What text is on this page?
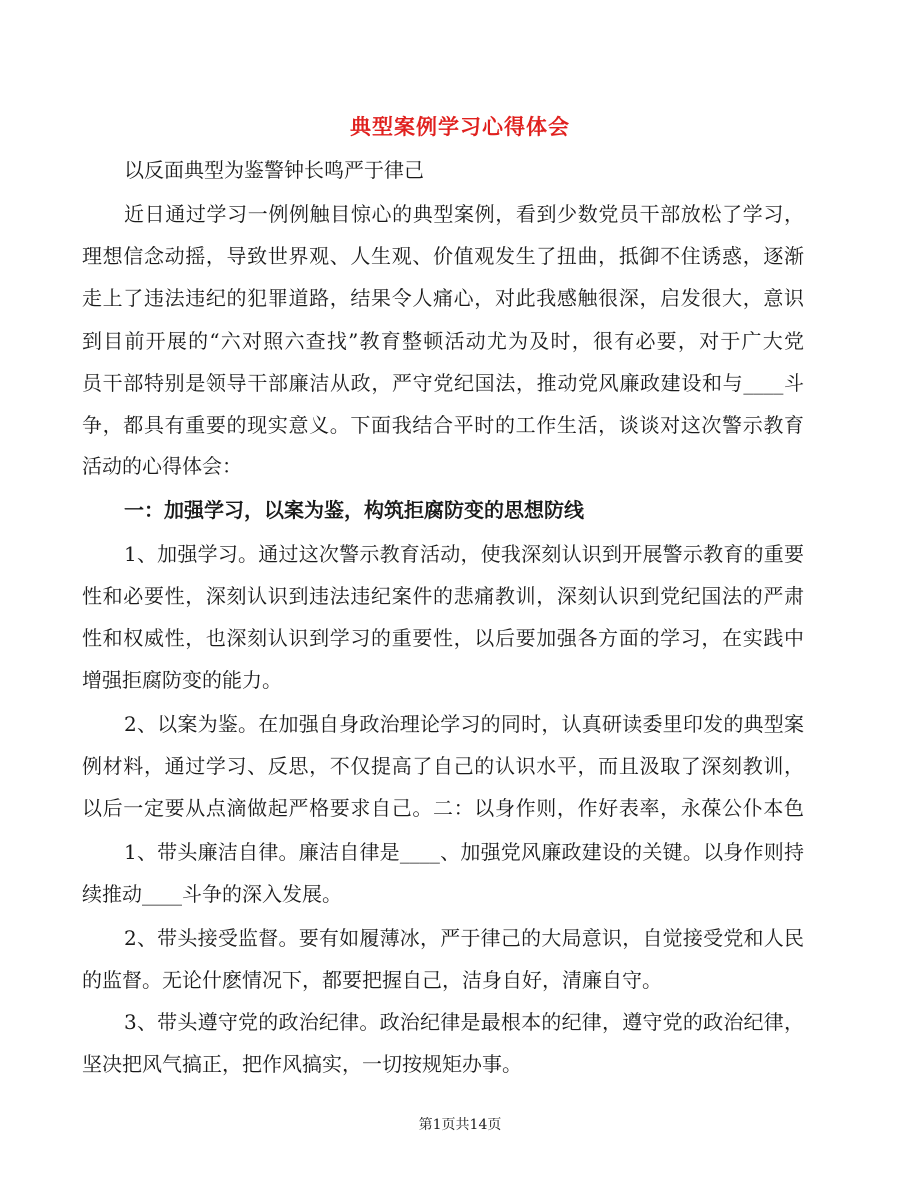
典型案例学习心得体会
以反面典型为鉴警钟长鸣严于律己
近日通过学习一例例触目惊心的典型案例，看到少数党员干部放松了学习，
理想信念动摇，导致世界观、人生观、价值观发生了扭曲，抵御不住诱惑，逐渐
走上了违法违纪的犯罪道路，结果令人痛心，对此我感触很深，启发很大，意识
到目前开展的“六对照六查找”教育整顿活动尤为及时，很有必要，对于广大党
员干部特别是领导干部廉洁从政，严守党纪国法，推动党风廉政建设和与____斗
争，都具有重要的现实意义。下面我结合平时的工作生活，谈谈对这次警示教育
活动的心得体会：
一：加强学习，以案为鉴，构筑拒腐防变的思想防线
1、加强学习。通过这次警示教育活动，使我深刻认识到开展警示教育的重要
性和必要性，深刻认识到违法违纪案件的悲痛教训，深刻认识到党纪国法的严肃
性和权威性，也深刻认识到学习的重要性，以后要加强各方面的学习，在实践中
增强拒腐防变的能力。
2、以案为鉴。在加强自身政治理论学习的同时，认真研读委里印发的典型案
例材料，通过学习、反思，不仅提高了自己的认识水平，而且汲取了深刻教训，
以后一定要从点滴做起严格要求自己。二：以身作则，作好表率，永葆公仆本色
1、带头廉洁自律。廉洁自律是____、加强党风廉政建设的关键。以身作则持
续推动____斗争的深入发展。
2、带头接受监督。要有如履薄冰，严于律己的大局意识，自觉接受党和人民
的监督。无论什麽情况下，都要把握自己，洁身自好，清廉自守。
3、带头遵守党的政治纪律。政治纪律是最根本的纪律，遵守党的政治纪律，
坚决把风气搞正，把作风搞实，一切按规矩办事。
第1页共14页
